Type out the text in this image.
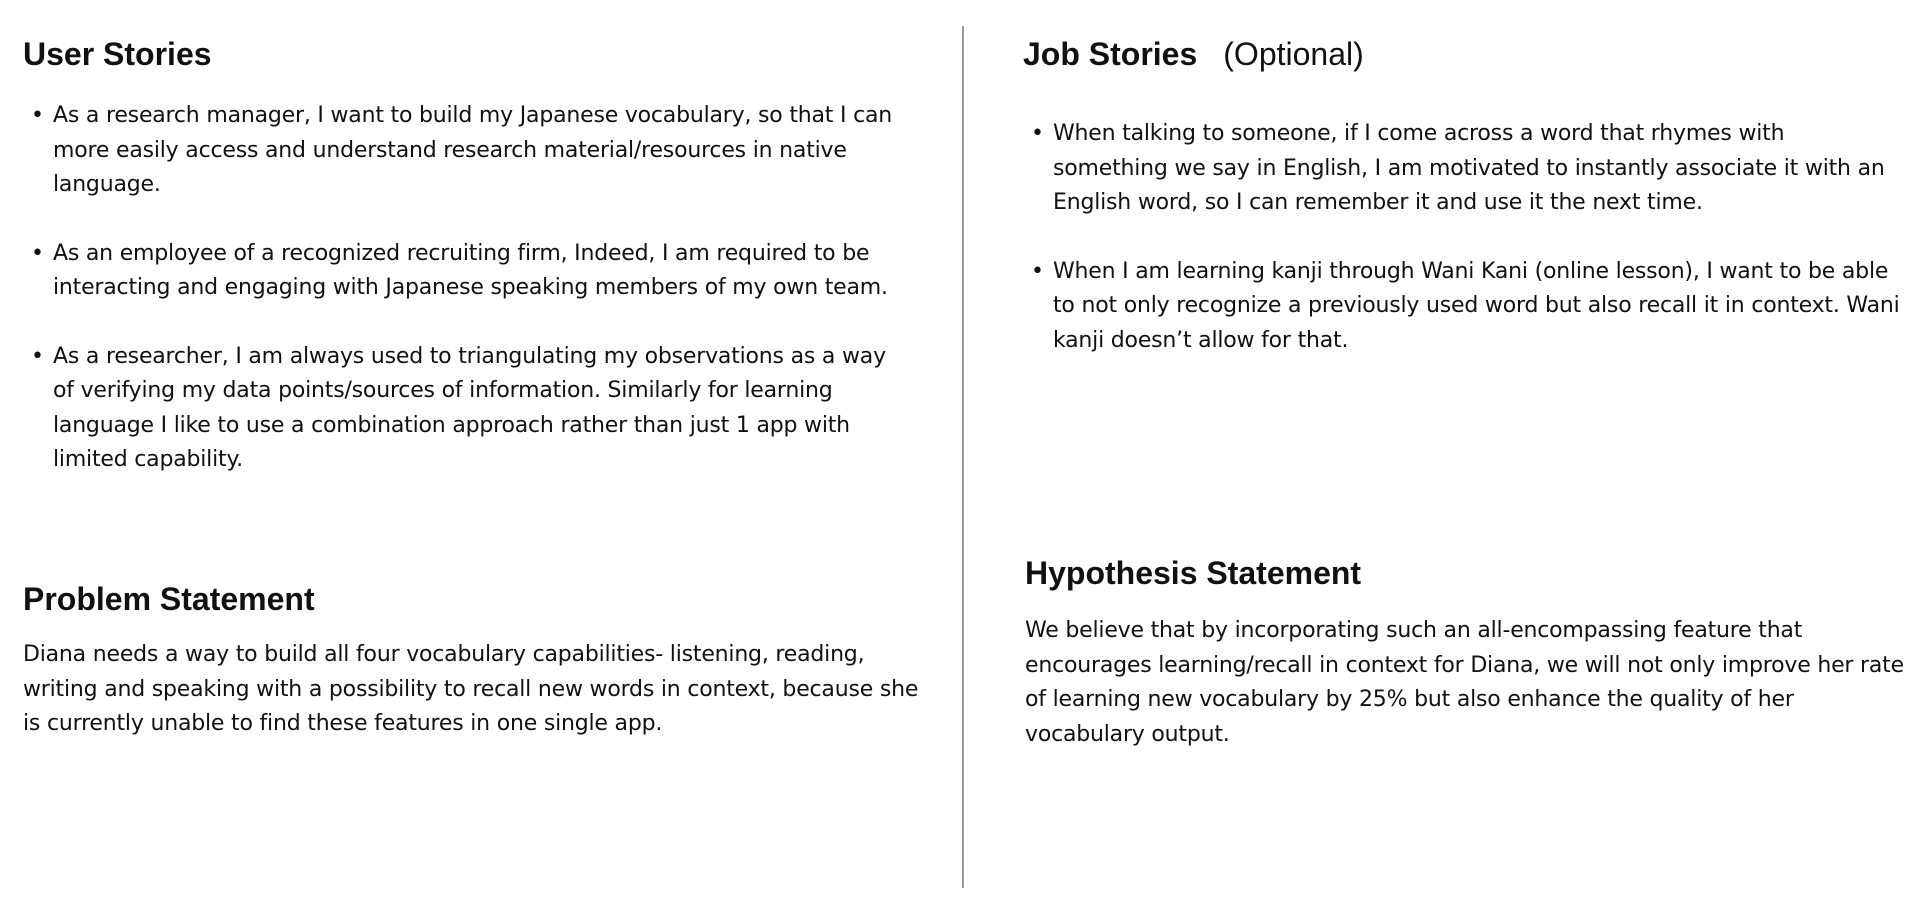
User Stories
• As a research manager, I want to build my Japanese vocabulary, so that I can more easily access and understand research material/resources in native language.
• As an employee of a recognized recruiting firm, Indeed, I am required to be interacting and engaging with Japanese speaking members of my own team.
• As a researcher, I am always used to triangulating my observations as a way of verifying my data points/sources of information. Similarly for learning language I like to use a combination approach rather than just 1 app with limited capability.
Problem Statement

Diana needs a way to build all four vocabulary capabilities- listening, reading, writing and speaking with a possibility to recall new words in context, because she is currently unable to find these features in one single app.

Job Stories (Optional)
• When talking to someone, if I come across a word that rhymes with something we say in English, I am motivated to instantly associate it with an English word, so I can remember it and use it the next time.
• When I am learning kanji through Wani Kani (online lesson), I want to be able to not only recognize a previously used word but also recall it in context. Wani kanji doesn’t allow for that.
Hypothesis Statement

We believe that by incorporating such an all-encompassing feature that encourages learning/recall in context for Diana, we will not only improve her rate of learning new vocabulary by 25% but also enhance the quality of her vocabulary output.
